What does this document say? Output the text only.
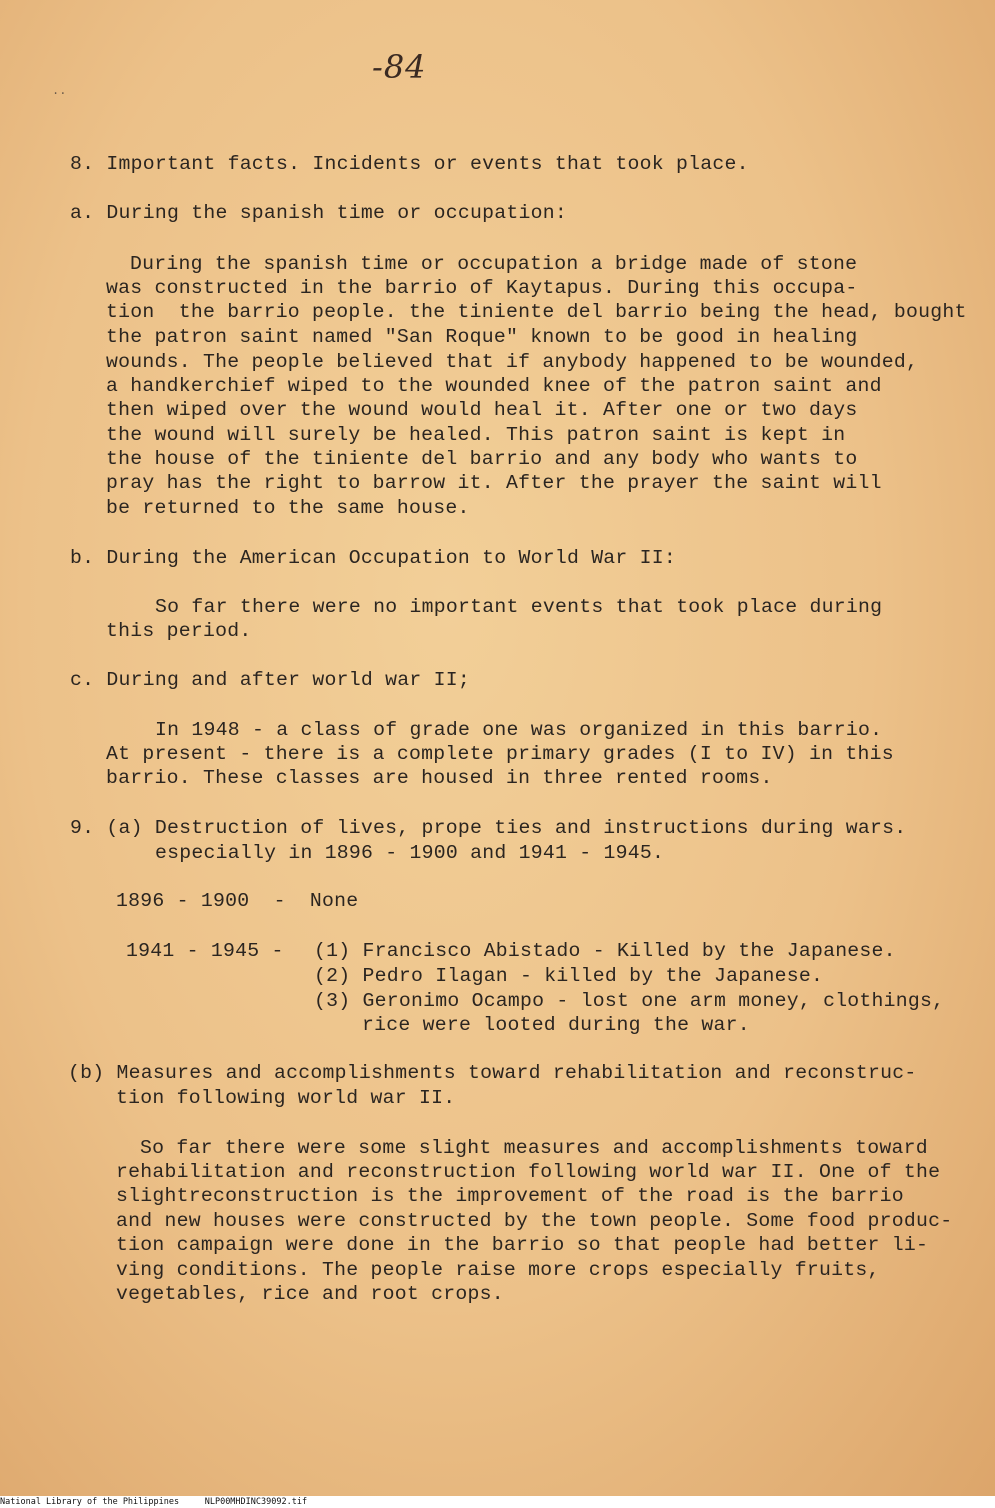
-84
..
8. Important facts. Incidents or events that took place.
a. During the spanish time or occupation:
During the spanish time or occupation a bridge made of stone
was constructed in the barrio of Kaytapus. During this occupa-
tion  the barrio people. the tiniente del barrio being the head, bought
the patron saint named "San Roque" known to be good in healing
wounds. The people believed that if anybody happened to be wounded,
a handkerchief wiped to the wounded knee of the patron saint and
then wiped over the wound would heal it. After one or two days
the wound will surely be healed. This patron saint is kept in
the house of the tiniente del barrio and any body who wants to
pray has the right to barrow it. After the prayer the saint will
be returned to the same house.
b. During the American Occupation to World War II:
So far there were no important events that took place during
this period.
c. During and after world war II;
In 1948 - a class of grade one was organized in this barrio.
At present - there is a complete primary grades (I to IV) in this
barrio. These classes are housed in three rented rooms.
9. (a) Destruction of lives, prope ties and instructions during wars.
especially in 1896 - 1900 and 1941 - 1945.
1896 - 1900  -  None
1941 - 1945 - (1) Francisco Abistado - Killed by the Japanese.
(2) Pedro Ilagan - killed by the Japanese.
(3) Geronimo Ocampo - lost one arm money, clothings,
rice were looted during the war.
(b) Measures and accomplishments toward rehabilitation and reconstruc-
tion following world war II.
So far there were some slight measures and accomplishments toward
rehabilitation and reconstruction following world war II. One of the
slightreconstruction is the improvement of the road is the barrio
and new houses were constructed by the town people. Some food produc-
tion campaign were done in the barrio so that people had better li-
ving conditions. The people raise more crops especially fruits,
vegetables, rice and root crops.
National Library of the Philippines	NLP00MHDINC39092.tif
